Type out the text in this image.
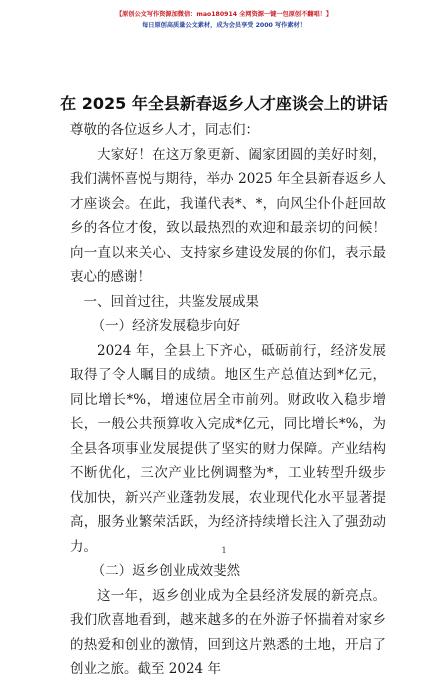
【原创公文写作资源加微信：mao180914 全网资源一键一包原创不翻唱！】
每日原创高质量公文素材，成为会员享受 2000 写作素材！
在 2025 年全县新春返乡人才座谈会上的讲话

尊敬的各位返乡人才，同志们：

大家好！在这万象更新、阖家团圆的美好时刻，我们满怀喜悦与期待，举办 2025 年全县新春返乡人才座谈会。在此，我谨代表*、*，向风尘仆仆赶回故乡的各位才俊，致以最热烈的欢迎和最亲切的问候！向一直以来关心、支持家乡建设发展的你们，表示最衷心的感谢！

一、回首过往，共鉴发展成果

（一）经济发展稳步向好

2024 年，全县上下齐心，砥砺前行，经济发展取得了令人瞩目的成绩。地区生产总值达到*亿元，同比增长*%，增速位居全市前列。财政收入稳步增长，一般公共预算收入完成*亿元，同比增长*%，为全县各项事业发展提供了坚实的财力保障。产业结构不断优化，三次产业比例调整为*，工业转型升级步伐加快，新兴产业蓬勃发展，农业现代化水平显著提高，服务业繁荣活跃，为经济持续增长注入了强劲动力。

（二）返乡创业成效斐然

这一年，返乡创业成为全县经济发展的新亮点。我们欣喜地看到，越来越多的在外游子怀揣着对家乡的热爱和创业的激情，回到这片熟悉的土地，开启了创业之旅。截至 2024 年

1
